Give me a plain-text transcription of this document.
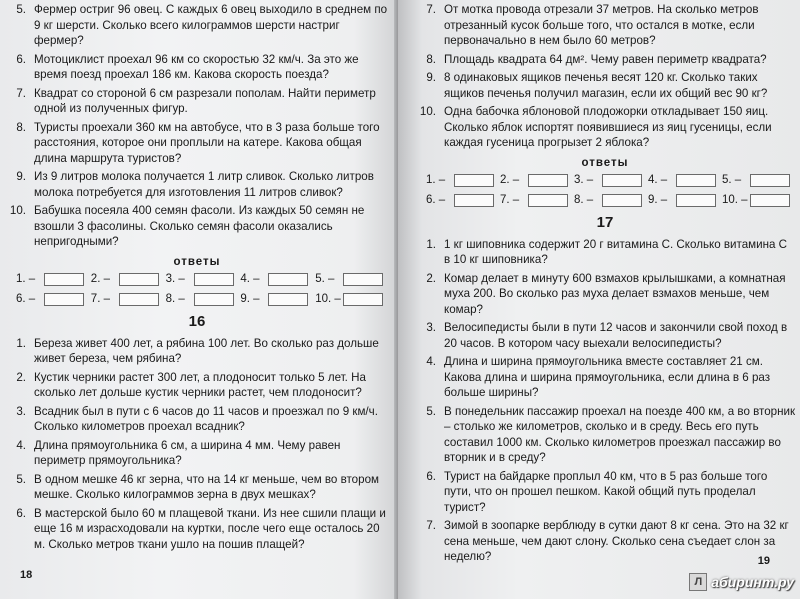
5. Фермер остриг 96 овец. С каждых 6 овец выходило в среднем по 9 кг шерсти. Сколько всего килограммов шерсти настриг фермер?
6. Мотоциклист проехал 96 км со скоростью 32 км/ч. За это же время поезд проехал 186 км. Какова скорость поезда?
7. Квадрат со стороной 6 см разрезали пополам. Найти периметр одной из полученных фигур.
8. Туристы проехали 360 км на автобусе, что в 3 раза больше того расстояния, которое они проплыли на катере. Какова общая длина маршрута туристов?
9. Из 9 литров молока получается 1 литр сливок. Сколько литров молока потребуется для изготовления 11 литров сливок?
10. Бабушка посеяла 400 семян фасоли. Из каждых 50 семян не взошли 3 фасолины. Сколько семян фасоли оказались непригодными?
ответы
1. –	2. –	3. –	4. –	5. –
6. –	7. –	8. –	9. –	10. –
16
1. Береза живет 400 лет, а рябина 100 лет. Во сколько раз дольше живет береза, чем рябина?
2. Кустик черники растет 300 лет, а плодоносит только 5 лет. На сколько лет дольше кустик черники растет, чем плодоносит?
3. Всадник был в пути с 6 часов до 11 часов и проезжал по 9 км/ч. Сколько километров проехал всадник?
4. Длина прямоугольника 6 см, а ширина 4 мм. Чему равен периметр прямоугольника?
5. В одном мешке 46 кг зерна, что на 14 кг меньше, чем во втором мешке. Сколько килограммов зерна в двух мешках?
6. В мастерской было 60 м плащевой ткани. Из нее сшили плащи и еще 16 м израсходовали на куртки, после чего еще осталось 20 м. Сколько метров ткани ушло на пошив плащей?
18
7. От мотка провода отрезали 37 метров. На сколько метров отрезанный кусок больше того, что остался в мотке, если первоначально в нем было 60 метров?
8. Площадь квадрата 64 дм². Чему равен периметр квадрата?
9. 8 одинаковых ящиков печенья весят 120 кг. Сколько таких ящиков печенья получил магазин, если их общий вес 90 кг?
10. Одна бабочка яблоновой плодожорки откладывает 150 яиц. Сколько яблок испортят появившиеся из яиц гусеницы, если каждая гусеница прогрызет 2 яблока?
ответы
1. –	2. –	3. –	4. –	5. –
6. –	7. –	8. –	9. –	10. –
17
1. 1 кг шиповника содержит 20 г витамина С. Сколько витамина С в 10 кг шиповника?
2. Комар делает в минуту 600 взмахов крылышками, а комнатная муха 200. Во сколько раз муха делает взмахов меньше, чем комар?
3. Велосипедисты были в пути 12 часов и закончили свой поход в 20 часов. В котором часу выехали велосипедисты?
4. Длина и ширина прямоугольника вместе составляет 21 см. Какова длина и ширина прямоугольника, если длина в 6 раз больше ширины?
5. В понедельник пассажир проехал на поезде 400 км, а во вторник – столько же километров, сколько и в среду. Весь его путь составил 1000 км. Сколько километров проезжал пассажир во вторник и в среду?
6. Турист на байдарке проплыл 40 км, что в 5 раз больше того пути, что он прошел пешком. Какой общий путь проделал турист?
7. Зимой в зоопарке верблюду в сутки дают 8 кг сена. Это на 32 кг сена меньше, чем дают слону. Сколько сена съедает слон за неделю?	19
Л абиринт.ру
